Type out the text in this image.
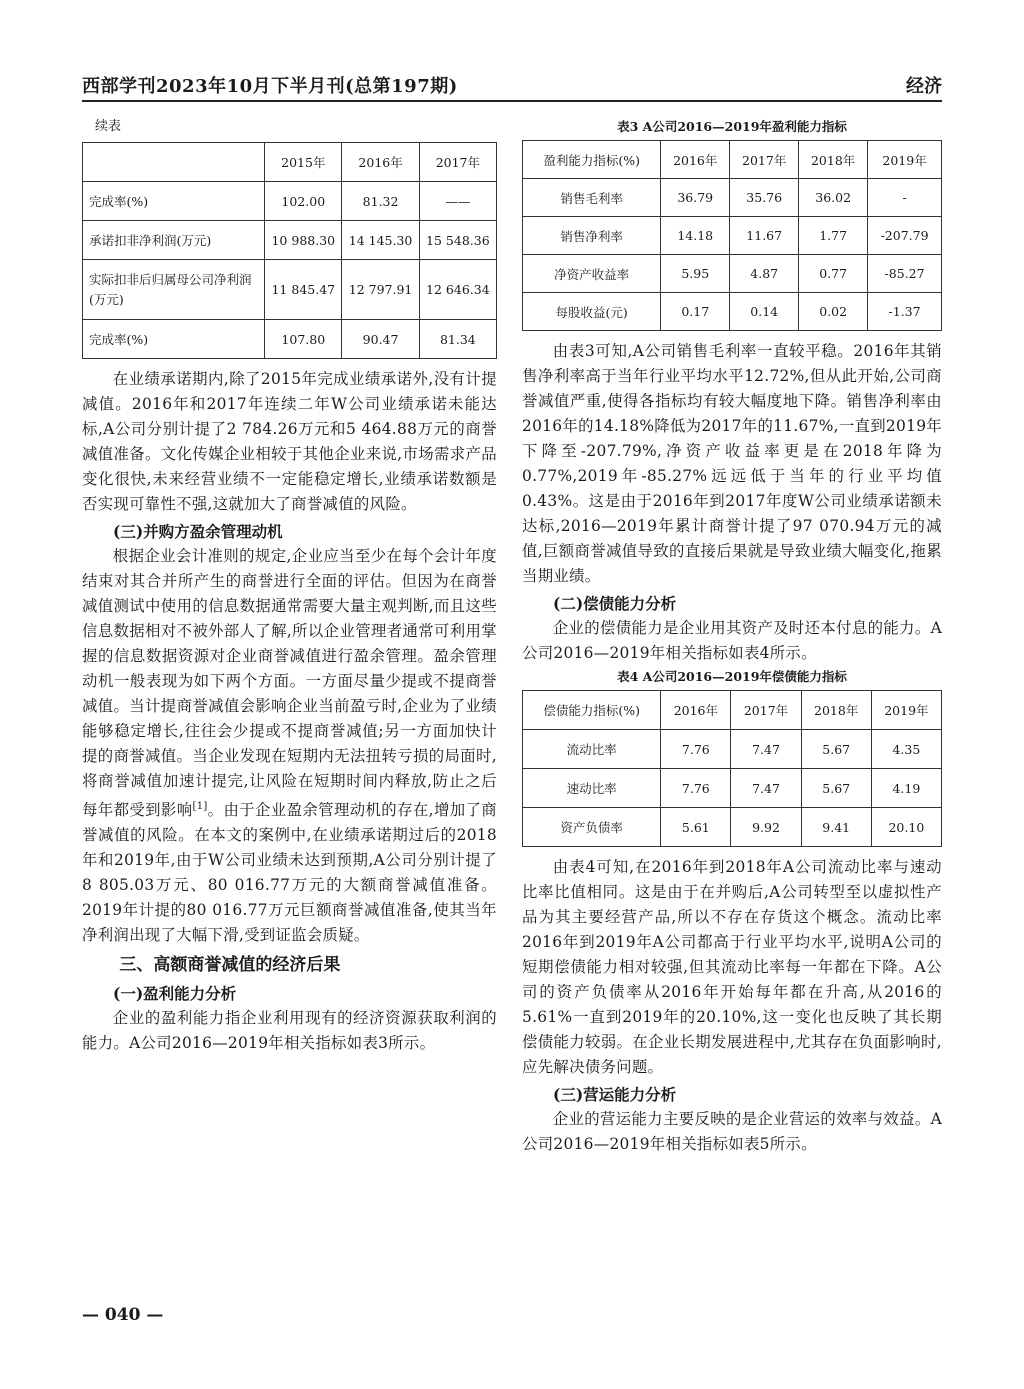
西部学刊2023年10月下半月刊(总第197期)	经济
续表
	2015年	2016年	2017年
完成率(%)	102.00	81.32	——
承诺扣非净利润(万元)	10 988.30	14 145.30	15 548.36
实际扣非后归属母公司净利润(万元)	11 845.47	12 797.91	12 646.34
完成率(%)	107.80	90.47	81.34

在业绩承诺期内,除了2015年完成业绩承诺外,没有计提减值。2016年和2017年连续二年W公司业绩承诺未能达标,A公司分别计提了2 784.26万元和5 464.88万元的商誉减值准备。文化传媒企业相较于其他企业来说,市场需求产品变化很快,未来经营业绩不一定能稳定增长,业绩承诺数额是否实现可靠性不强,这就加大了商誉减值的风险。

(三)并购方盈余管理动机

根据企业会计准则的规定,企业应当至少在每个会计年度结束对其合并所产生的商誉进行全面的评估。但因为在商誉减值测试中使用的信息数据通常需要大量主观判断,而且这些信息数据相对不被外部人了解,所以企业管理者通常可利用掌握的信息数据资源对企业商誉减值进行盈余管理。盈余管理动机一般表现为如下两个方面。一方面尽量少提或不提商誉减值。当计提商誉减值会影响企业当前盈亏时,企业为了业绩能够稳定增长,往往会少提或不提商誉减值;另一方面加快计提的商誉减值。当企业发现在短期内无法扭转亏损的局面时,将商誉减值加速计提完,让风险在短期时间内释放,防止之后每年都受到影响[1]。由于企业盈余管理动机的存在,增加了商誉减值的风险。在本文的案例中,在业绩承诺期过后的2018年和2019年,由于W公司业绩未达到预期,A公司分别计提了8 805.03万元、80 016.77万元的大额商誉减值准备。2019年计提的80 016.77万元巨额商誉减值准备,使其当年净利润出现了大幅下滑,受到证监会质疑。

三、高额商誉减值的经济后果
(一)盈利能力分析

企业的盈利能力指企业利用现有的经济资源获取利润的能力。A公司2016—2019年相关指标如表3所示。

表3 A公司2016—2019年盈利能力指标
盈利能力指标(%)	2016年	2017年	2018年	2019年
销售毛利率	36.79	35.76	36.02	-
销售净利率	14.18	11.67	1.77	-207.79
净资产收益率	5.95	4.87	0.77	-85.27
每股收益(元)	0.17	0.14	0.02	-1.37

由表3可知,A公司销售毛利率一直较平稳。2016年其销售净利率高于当年行业平均水平12.72%,但从此开始,公司商誉减值严重,使得各指标均有较大幅度地下降。销售净利率由2016年的14.18%降低为2017年的11.67%,一直到2019年下降至-207.79%,净资产收益率更是在2018年降为0.77%,2019年-85.27%远远低于当年的行业平均值0.43%。这是由于2016年到2017年度W公司业绩承诺额未达标,2016—2019年累计商誉计提了97 070.94万元的减值,巨额商誉减值导致的直接后果就是导致业绩大幅变化,拖累当期业绩。

(二)偿债能力分析

企业的偿债能力是企业用其资产及时还本付息的能力。A公司2016—2019年相关指标如表4所示。

表4 A公司2016—2019年偿债能力指标
偿债能力指标(%)	2016年	2017年	2018年	2019年
流动比率	7.76	7.47	5.67	4.35
速动比率	7.76	7.47	5.67	4.19
资产负债率	5.61	9.92	9.41	20.10

由表4可知,在2016年到2018年A公司流动比率与速动比率比值相同。这是由于在并购后,A公司转型至以虚拟性产品为其主要经营产品,所以不存在存货这个概念。流动比率2016年到2019年A公司都高于行业平均水平,说明A公司的短期偿债能力相对较强,但其流动比率每一年都在下降。A公司的资产负债率从2016年开始每年都在升高,从2016的5.61%一直到2019年的20.10%,这一变化也反映了其长期偿债能力较弱。在企业长期发展进程中,尤其存在负面影响时,应先解决债务问题。

(三)营运能力分析

企业的营运能力主要反映的是企业营运的效率与效益。A公司2016—2019年相关指标如表5所示。

— 040 —
